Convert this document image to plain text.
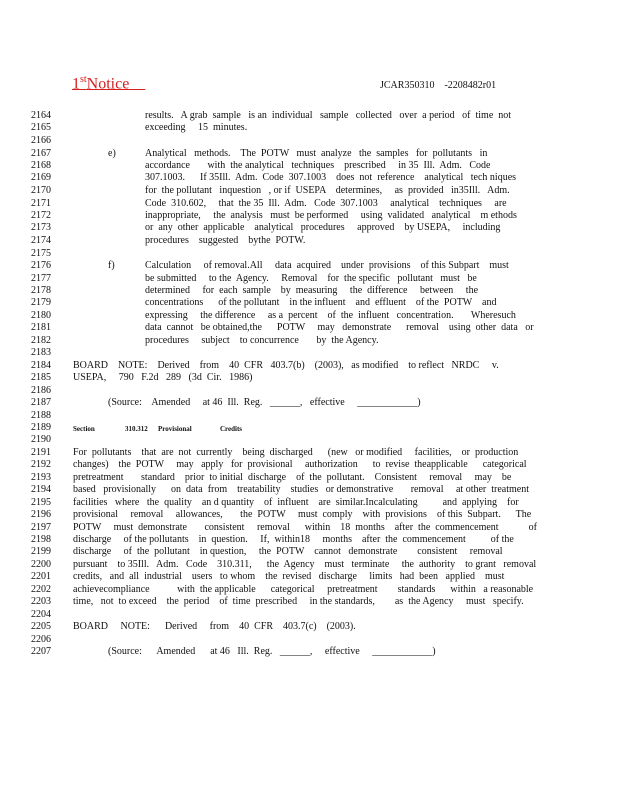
1stNotice	JCAR350310    -2208482r01
2164
2165
2166
2167
2168
2169
2170
2171
2172
2173
2174
2175
2176
2177
2178
2179
2180
2181
2182
2183
2184
2185
2186
2187
2188
2189
2190
2191
2192
2193
2194
2195
2196
2197
2198
2199
2200
2201
2202
2203
2204
2205
2206
2207
results.   A grab  sample   is an  individual   sample   collected   over  a period   of  time  not
exceeding     15  minutes.
e)	Analytical   methods.    The  POTW   must  analyze   the  samples   for  pollutants   in
accordance       with  the analytical   techniques    prescribed     in 35  Ill.  Adm.   Code
307.1003.      If 35Ill.  Adm.  Code  307.1003    does  not  reference    analytical   tech niques
for  the pollutant   inquestion   , or if  USEPA    determines,     as  provided   in35Ill.   Adm.
Code  310.602,     that  the 35  Ill.  Adm.   Code  307.1003     analytical    techniques     are
inappropriate,     the  analysis   must  be performed     using  validated   analytical    m ethods
or  any  other  applicable    analytical   procedures     approved    by USEPA,     including
procedures    suggested    bythe  POTW.
f)	Calculation     of removal.All     data  acquired    under  provisions    of this Subpart    must
be submitted     to the  Agency.     Removal    for  the specific   pollutant   must   be
determined     for  each  sample    by  measuring     the  difference     between     the
concentrations      of the pollutant    in the influent    and  effluent    of the  POTW    and
expressing     the difference     as a  percent    of  the  influent   concentration.       Wheresuch
data  cannot   be obtained,the      POTW     may   demonstrate      removal    using  other  data   or
procedures     subject    to concurrence       by  the Agency.
BOARD    NOTE:    Derived    from    40  CFR   403.7(b)    (2003),   as modified    to reflect   NRDC     v.
USEPA,     790   F.2d   289   (3d  Cir.   1986)
(Source:    Amended     at 46  Ill.  Reg.   ______,   effective     ____________)
Section	310.312 Provisional	Credits
For  pollutants    that  are  not  currently    being  discharged      (new   or modified     facilities,    or  production
changes)    the  POTW     may   apply   for  provisional     authorization      to  revise  theapplicable      categorical
pretreatment       standard    prior  to initial  discharge    of  the  pollutant.    Consistent     removal     may    be
based   provisionally      on  data  from    treatability    studies   or demonstrative       removal     at other  treatment
facilities   where   the  quality    an d quantity    of  influent    are  similar.Incalculating          and  applying    for
provisional     removal     allowances,       the  POTW     must  comply    with  provisions    of this  Subpart.      The
POTW     must  demonstrate       consistent     removal      within    18  months    after  the  commencement            of
discharge     of the pollutants    in  question.     If,  within18     months    after  the  commencement          of the
discharge     of  the  pollutant    in question,     the  POTW    cannot   demonstrate        consistent     removal
pursuant    to 35Ill.   Adm.   Code    310.311,      the  Agency    must   terminate     the  authority    to grant   removal
credits,   and  all  industrial    users   to whom    the  revised   discharge     limits   had  been   applied    must
achievecompliance           with  the applicable      categorical     pretreatment        standards      within   a reasonable
time,   not  to exceed    the  period    of  time  prescribed     in the standards,        as  the Agency     must   specify.
BOARD     NOTE:      Derived     from    40  CFR    403.7(c)    (2003).
(Source:      Amended      at 46   Ill.  Reg.   ______,     effective     ____________)
